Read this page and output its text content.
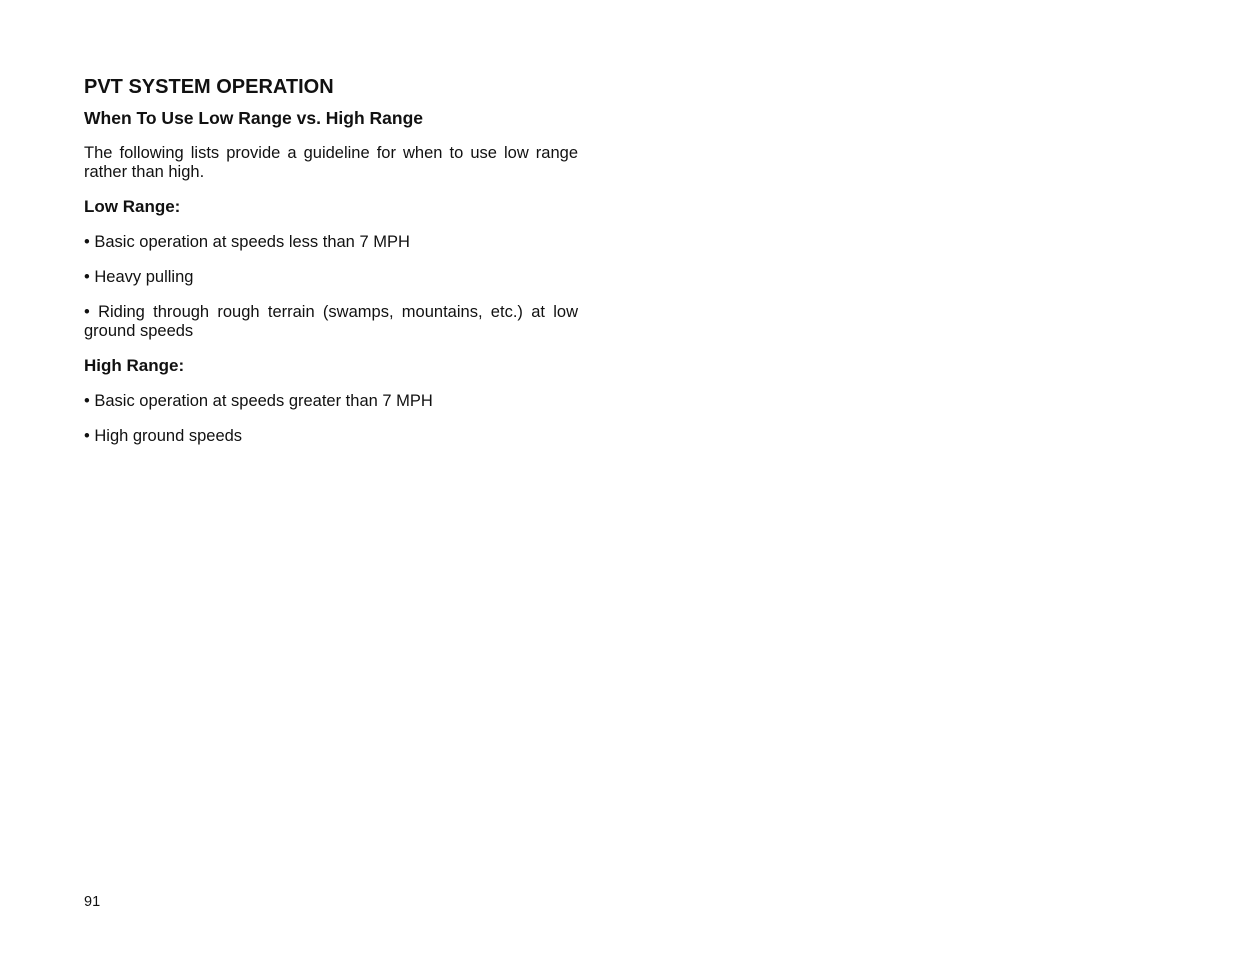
PVT SYSTEM OPERATION
When To Use Low Range vs. High Range

The following lists provide a guideline for when to use low range rather than high.

Low Range:

• Basic operation at speeds less than 7 MPH

• Heavy pulling

• Riding through rough terrain (swamps, mountains, etc.) at low ground speeds

High Range:

• Basic operation at speeds greater than 7 MPH

• High ground speeds

91
